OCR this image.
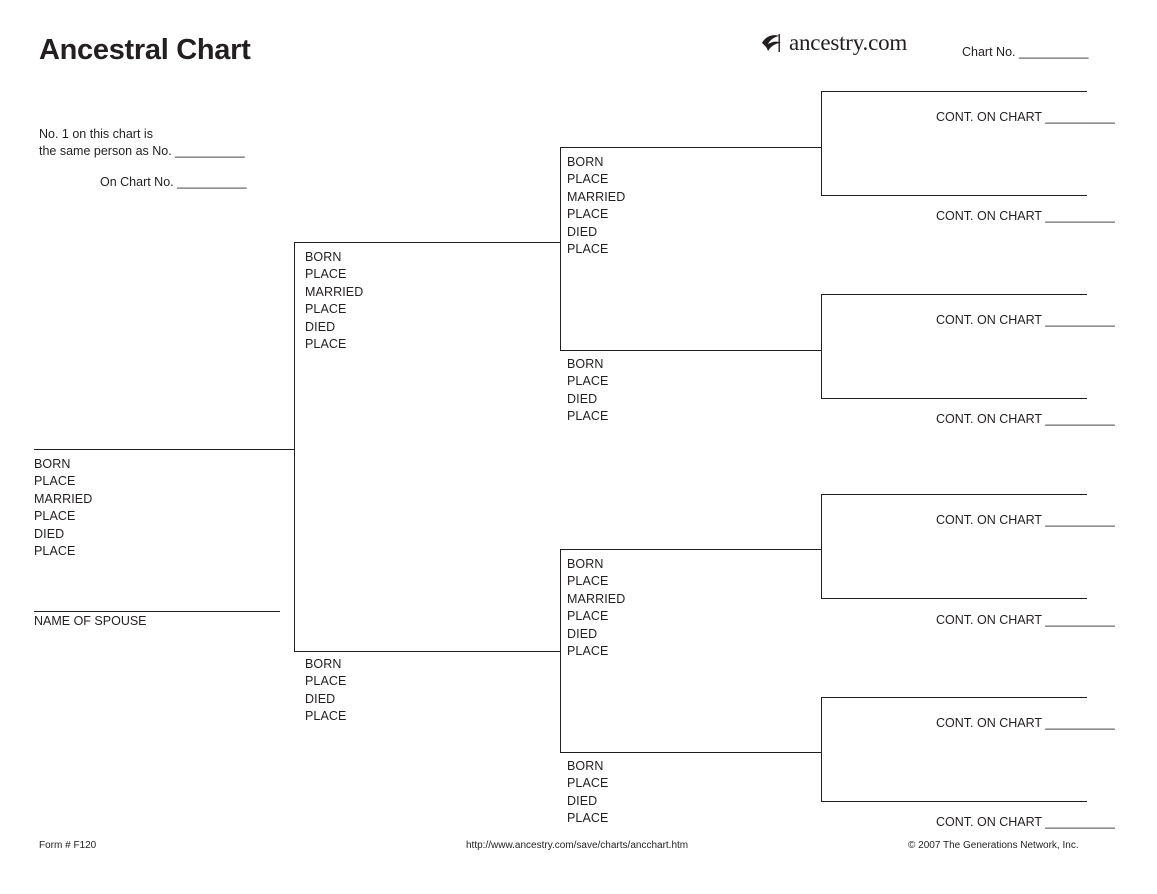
Ancestral Chart	ancestry.com	Chart No. __________
No. 1 on this chart is
the same person as No. __________
On Chart No. __________
BORN
PLACE
MARRIED
PLACE
DIED
PLACE
NAME OF SPOUSE
BORN
PLACE
MARRIED
PLACE
DIED
PLACE
BORN
PLACE
DIED
PLACE
BORN
PLACE
MARRIED
PLACE
DIED
PLACE
BORN
PLACE
DIED
PLACE
BORN
PLACE
MARRIED
PLACE
DIED
PLACE
BORN
PLACE
DIED
PLACE
CONT. ON CHART __________
CONT. ON CHART __________
CONT. ON CHART __________
CONT. ON CHART __________
CONT. ON CHART __________
CONT. ON CHART __________
CONT. ON CHART __________
CONT. ON CHART __________
Form # F120	http://www.ancestry.com/save/charts/ancchart.htm	© 2007 The Generations Network, Inc.
